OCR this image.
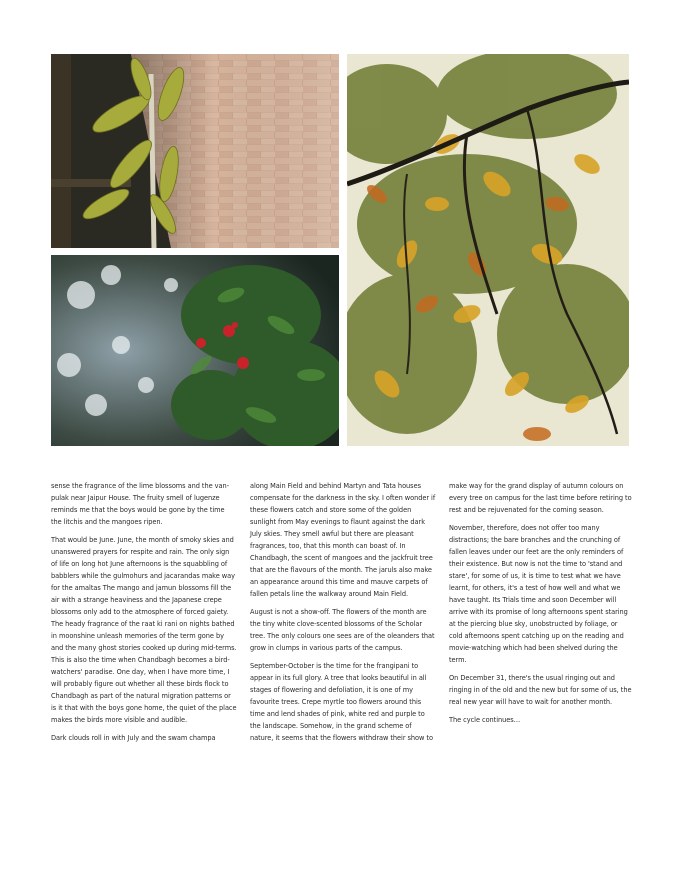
sense the fragrance of the lime blossoms and the van-pulak near Jaipur House. The fruity smell of lugenze reminds me that the boys would be gone by the time the litchis and the mangoes ripen.

That would be June. June, the month of smoky skies and unanswered prayers for respite and rain. The only sign of life on long hot June afternoons is the squabbling of babblers while the gulmohurs and jacarandas make way for the amaltas The mango and jamun blossoms fill the air with a strange heaviness and the Japanese crepe blossoms only add to the atmosphere of forced gaiety. The heady fragrance of the raat ki rani on nights bathed in moonshine unleash memories of the term gone by and the many ghost stories cooked up during mid-terms. This is also the time when Chandbagh becomes a bird-watchers' paradise. One day, when I have more time, I will probably figure out whether all these birds flock to Chandbagh as part of the natural migration patterns or is it that with the boys gone home, the quiet of the place makes the birds more visible and audible.

Dark clouds roll in with July and the swam champa

along Main Field and behind Martyn and Tata houses compensate for the darkness in the sky. I often wonder if these flowers catch and store some of the golden sunlight from May evenings to flaunt against the dark July skies. They smell awful but there are pleasant fragrances, too, that this month can boast of. In Chandbagh, the scent of mangoes and the jackfruit tree that are the flavours of the month. The jaruls also make an appearance around this time and mauve carpets of fallen petals line the walkway around Main Field.

August is not a show-off. The flowers of the month are the tiny white clove-scented blossoms of the Scholar tree. The only colours one sees are of the oleanders that grow in clumps in various parts of the campus.

September-October is the time for the frangipani to appear in its full glory. A tree that looks beautiful in all stages of flowering and defoliation, it is one of my favourite trees. Crepe myrtle too flowers around this time and lend shades of pink, white red and purple to the landscape. Somehow, in the grand scheme of nature, it seems that the flowers withdraw their show to

make way for the grand display of autumn colours on every tree on campus for the last time before retiring to rest and be rejuvenated for the coming season.

November, therefore, does not offer too many distractions; the bare branches and the crunching of fallen leaves under our feet are the only reminders of their existence. But now is not the time to 'stand and stare', for some of us, it is time to test what we have learnt, for others, it's a test of how well and what we have taught. Its Trials time and soon December will arrive with its promise of long afternoons spent staring at the piercing blue sky, unobstructed by foliage, or cold afternoons spent catching up on the reading and movie-watching which had been shelved during the term.

On December 31, there's the usual ringing out and ringing in of the old and the new but for some of us, the real new year will have to wait for another month.

The cycle continues…
